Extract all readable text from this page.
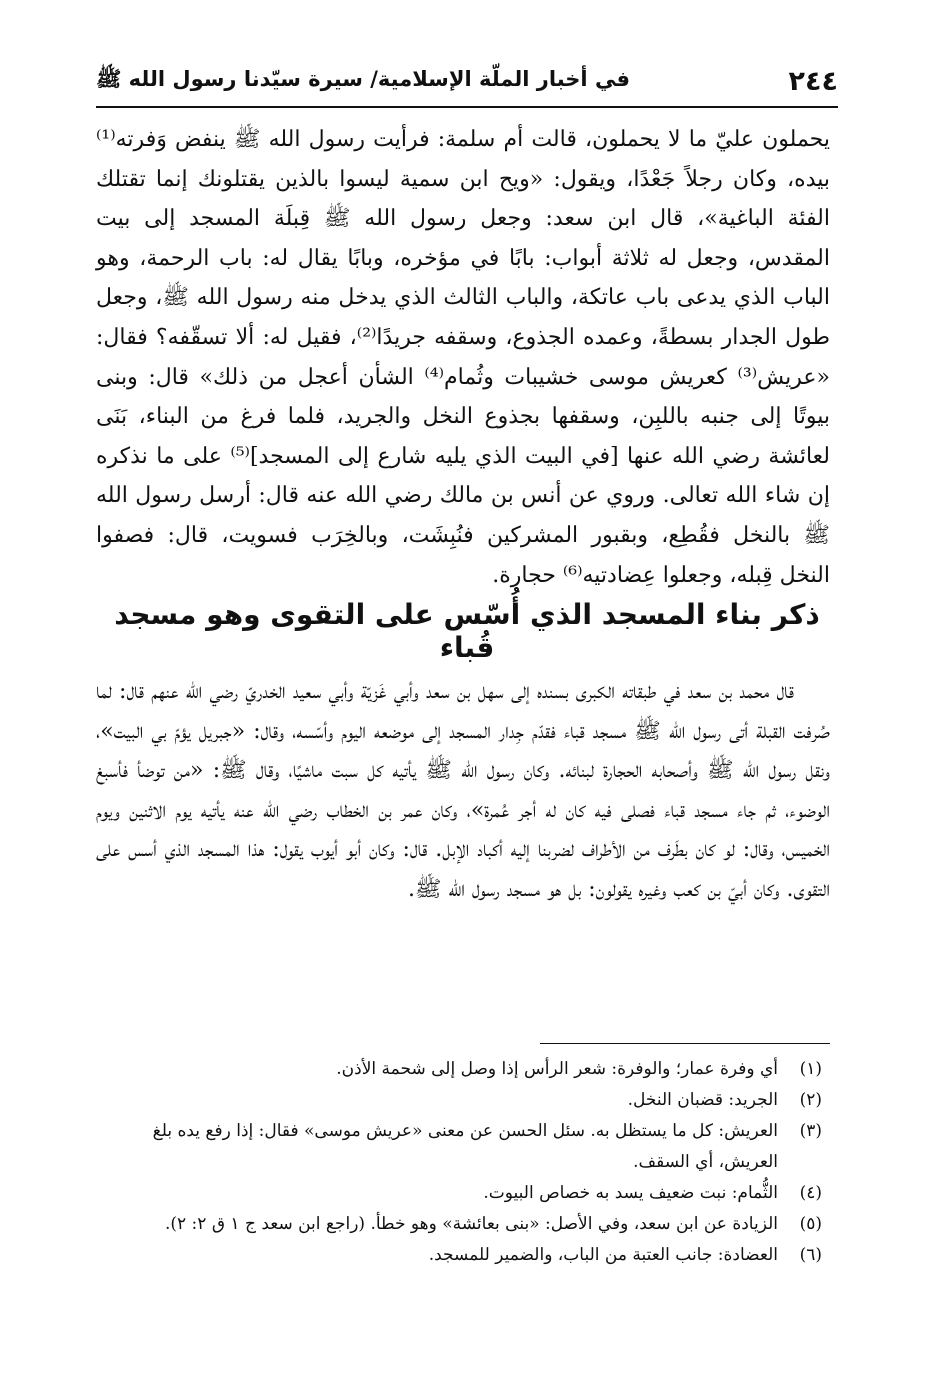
٢٤٤
في أخبار الملّة الإسلامية/ سيرة سيّدنا رسول الله ﷺ

يحملون عليّ ما لا يحملون، قالت أم سلمة: فرأيت رسول الله ﷺ ينفض وَفرته⁽¹⁾ بيده، وكان رجلاً جَعْدًا، ويقول: «ويح ابن سمية ليسوا بالذين يقتلونك إنما تقتلك الفئة الباغية»، قال ابن سعد: وجعل رسول الله ﷺ قِبلَة المسجد إلى بيت المقدس، وجعل له ثلاثة أبواب: بابًا في مؤخره، وبابًا يقال له: باب الرحمة، وهو الباب الذي يدعى باب عاتكة، والباب الثالث الذي يدخل منه رسول الله ﷺ، وجعل طول الجدار بسطةً، وعمده الجذوع، وسقفه جريدًا⁽²⁾، فقيل له: ألا تسقّفه؟ فقال: «عريش⁽³⁾ كعريش موسى خشيبات وثُمام⁽⁴⁾ الشأن أعجل من ذلك» قال: وبنى بيوتًا إلى جنبه باللبِن، وسقفها بجذوع النخل والجريد، فلما فرغ من البناء، بَنَى لعائشة رضي الله عنها [في البيت الذي يليه شارع إلى المسجد]⁽⁵⁾ على ما نذكره إن شاء الله تعالى. وروي عن أنس بن مالك رضي الله عنه قال: أرسل رسول الله ﷺ بالنخل فقُطِع، وبقبور المشركين فنُبِشَت، وبالخِرَب فسويت، قال: فصفوا النخل قِبله، وجعلوا عِضادتيه⁽⁶⁾ حجارة.

ذكر بناء المسجد الذي أُسّس على التقوى وهو مسجد قُباء

قال محمد بن سعد في طبقاته الكبرى بسنده إلى سهل بن سعد وأبي غَزيّة وأبي سعيد الخدريّ رضي الله عنهم قال: لما صُرفت القبلة أتى رسول الله ﷺ مسجد قباء فقدّم جِدار المسجد إلى موضعه اليوم وأسّسه، وقال: «جبريل يؤمّ بي البيت»، ونقل رسول الله ﷺ وأصحابه الحجارة لبنائه. وكان رسول الله ﷺ يأتيه كل سبت ماشيًا، وقال ﷺ: «من توضأ فأسبغ الوضوء، ثم جاء مسجد قباء فصلى فيه كان له أجر عُمرة»، وكان عمر بن الخطاب رضي الله عنه يأتيه يوم الاثنين ويوم الخميس، وقال: لو كان بطَرف من الأطراف لضربنا إليه أكباد الإبل. قال: وكان أبو أيوب يقول: هذا المسجد الذي أسس على التقوى. وكان أبيّ بن كعب وغيره يقولون: بل هو مسجد رسول الله ﷺ.

(١)
أي وفرة عمار؛ والوفرة: شعر الرأس إذا وصل إلى شحمة الأذن.
(٢)
الجريد: قضبان النخل.
(٣)
العريش: كل ما يستظل به. سئل الحسن عن معنى «عريش موسى» فقال: إذا رفع يده بلغ العريش، أي السقف.
(٤)
الثُّمام: نبت ضعيف يسد به خصاص البيوت.
(٥)
الزيادة عن ابن سعد، وفي الأصل: «بنى بعائشة» وهو خطأ. (راجع ابن سعد ج ١ ق ٢: ٢).
(٦)
العضادة: جانب العتبة من الباب، والضمير للمسجد.
